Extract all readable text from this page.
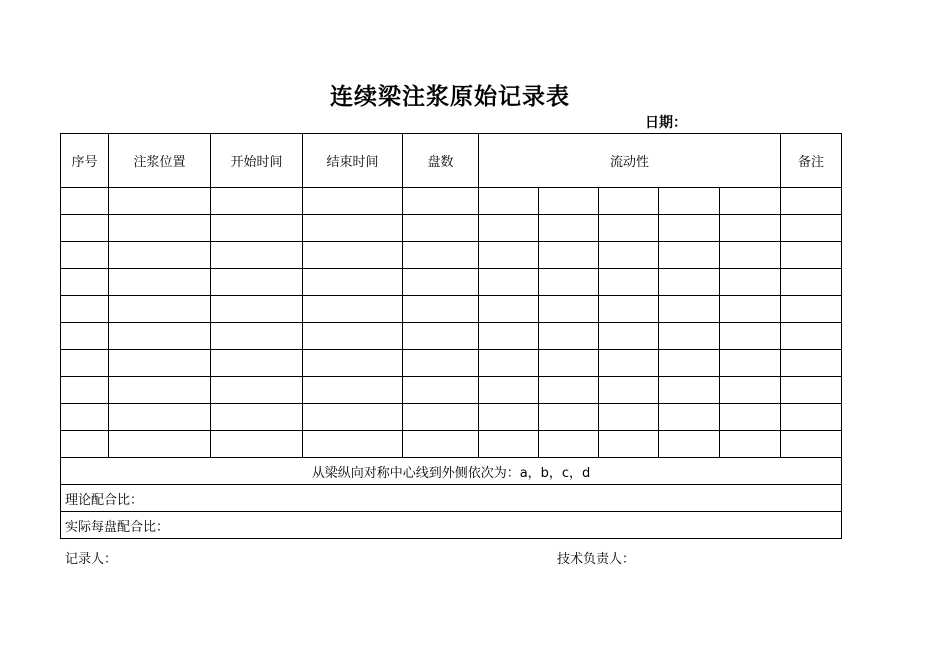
连续梁注浆原始记录表
日期：
序号	注浆位置	开始时间	结束时间	盘数	流动性					备注

从梁纵向对称中心线到外侧依次为：a，b，c，d										
理论配合比：										
实际每盘配合比：										
记录人：	技术负责人：
